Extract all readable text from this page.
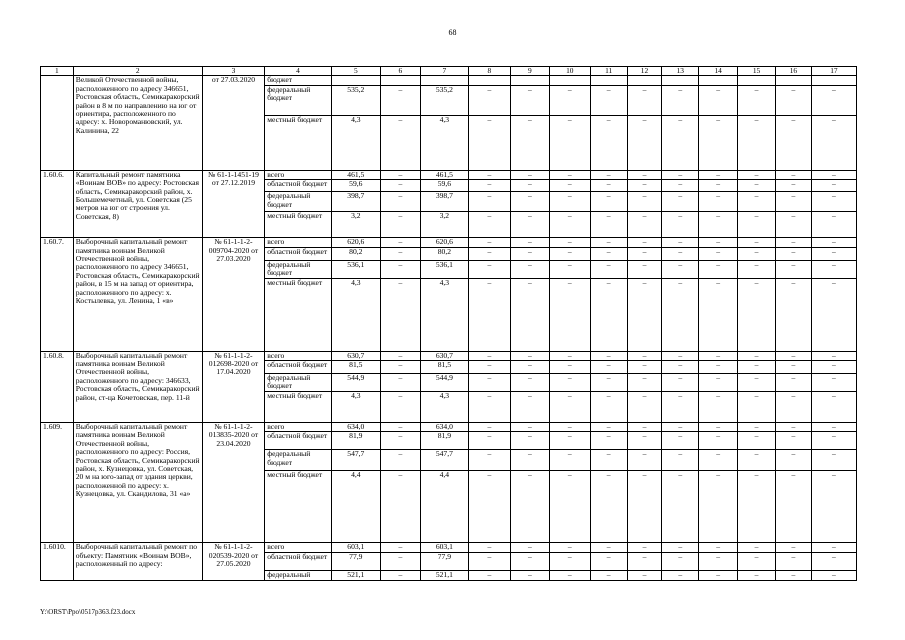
68
1	2	3	4	5	6	7	8	9	10	11	12	13	14	15	16	17
	Великой Отечественной войны, расположенного по адресу 346651, Ростовская область, Семикаракорский район в 8 м по направлению на юг от ориентира, расположенного по адресу: х. Новороманювский, ул. Калинина, 22	от 27.03.2020	бюджет													
			федеральный бюджет	535,2	–	535,2	–	–	–	–	–	–	–	–	–	–
			местный бюджет	4,3	–	4,3	–	–	–	–	–	–	–	–	–	–
1.60.6.	Капитальный ремонт памятника «Воинам ВОВ» по адресу: Ростовская область, Семикаракорский район, х. Большемечетный, ул. Советская (25 метров на юг от строения ул. Советская, 8)	№ 61-1-1451-19 от 27.12.2019	всего	461,5	–	461,5	–	–	–	–	–	–	–	–	–	–
			областной бюджет	59,6	–	59,6	–	–	–	–	–	–	–	–	–	–
			федеральный бюджет	398,7	–	398,7	–	–	–	–	–	–	–	–	–	–
			местный бюджет	3,2	–	3,2	–	–	–	–	–	–	–	–	–	–
1.60.7.	Выборочный капитальный ремонт памятника воинам Великой Отечественной войны, расположенного по адресу 346651, Ростовская область, Семикаракорский район, в 15 м на запад от ориентира, расположенного по адресу: х. Костылевка, ул. Ленина, 1 «в»	№ 61-1-1-2-009704-2020 от 27.03.2020	всего	620,6	–	620,6	–	–	–	–	–	–	–	–	–	–
			областной бюджет	80,2	–	80,2	–	–	–	–	–	–	–	–	–	–
			федеральный бюджет	536,1	–	536,1	–	–	–	–	–	–	–	–	–	–
			местный бюджет	4,3	–	4,3	–	–	–	–	–	–	–	–	–	–
1.60.8.	Выборочный капитальный ремонт памятника воинам Великой Отечественной войны, расположенного по адресу: 346633, Ростовская область, Семикаракорский район, ст-ца Кочетовская, пер. 11-й	№ 61-1-1-2-012698-2020 от 17.04.2020	всего	630,7	–	630,7	–	–	–	–	–	–	–	–	–	–
			областной бюджет	81,5	–	81,5	–	–	–	–	–	–	–	–	–	–
			федеральный бюджет	544,9	–	544,9	–	–	–	–	–	–	–	–	–	–
			местный бюджет	4,3	–	4,3	–	–	–	–	–	–	–	–	–	–
1.609.	Выборочный капитальный ремонт памятника воинам Великой Отечественной войны, расположенного по адресу: Россия, Ростовская область, Семикаракорский район, х. Кузнецовка, ул. Советская, 20 м на юго-запад от здания церкви, расположенной по адресу: х. Кузнецовка, ул. Скандилова, 31 «а»	№ 61-1-1-2-013835-2020 от 23.04.2020	всего	634,0	–	634,0	–	–	–	–	–	–	–	–	–	–
			областной бюджет	81,9	–	81,9	–	–	–	–	–	–	–	–	–	–
			федеральный бюджет	547,7	–	547,7	–	–	–	–	–	–	–	–	–	–
			местный бюджет	4,4	–	4,4	–	–	–	–	–	–	–	–	–	–
1.6010.	Выборочный капитальный ремонт по объекту: Памятник «Воинам ВОВ», расположенный по адресу:	№ 61-1-1-2-020539-2020 от 27.05.2020	всего	603,1	–	603,1	–	–	–	–	–	–	–	–	–	–
			областной бюджет	77,9	–	77,9	–	–	–	–	–	–	–	–	–	–
			федеральный	521,1	–	521,1	–	–	–	–	–	–	–	–	–	–
Y:\ORST\Ppo\0517p363.f23.docx
